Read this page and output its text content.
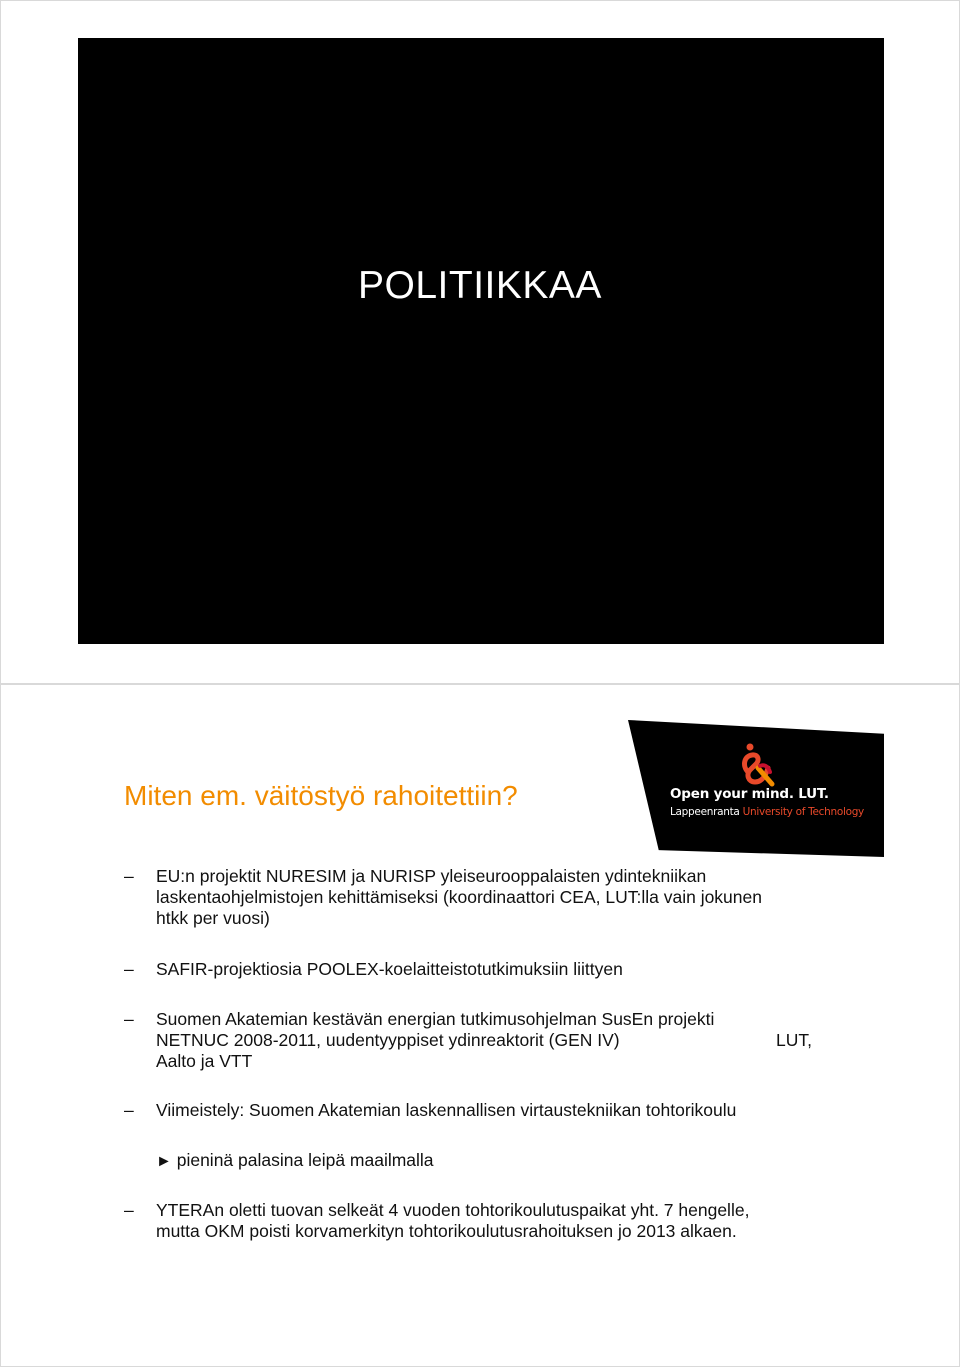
POLITIIKKAA
Open your mind. LUT.
Lappeenranta University of Technology
Miten em. väitöstyö rahoitettiin?
– EU:n projektit NURESIM ja NURISP yleiseurooppalaisten ydintekniikan
laskentaohjelmistojen kehittämiseksi (koordinaattori CEA, LUT:lla vain jokunen
htkk per vuosi)
– SAFIR-projektiosia POOLEX-koelaitteistotutkimuksiin liittyen
– Suomen Akatemian kestävän energian tutkimusohjelman SusEn projekti
NETNUC 2008-2011, uudentyyppiset ydinreaktorit (GEN IV)	LUT,
Aalto ja VTT
– Viimeistely: Suomen Akatemian laskennallisen virtaustekniikan tohtorikoulu
► pieninä palasina leipä maailmalla
– YTERAn oletti tuovan selkeät 4 vuoden tohtorikoulutuspaikat yht. 7 hengelle,
mutta OKM poisti korvamerkityn tohtorikoulutusrahoituksen jo 2013 alkaen.
